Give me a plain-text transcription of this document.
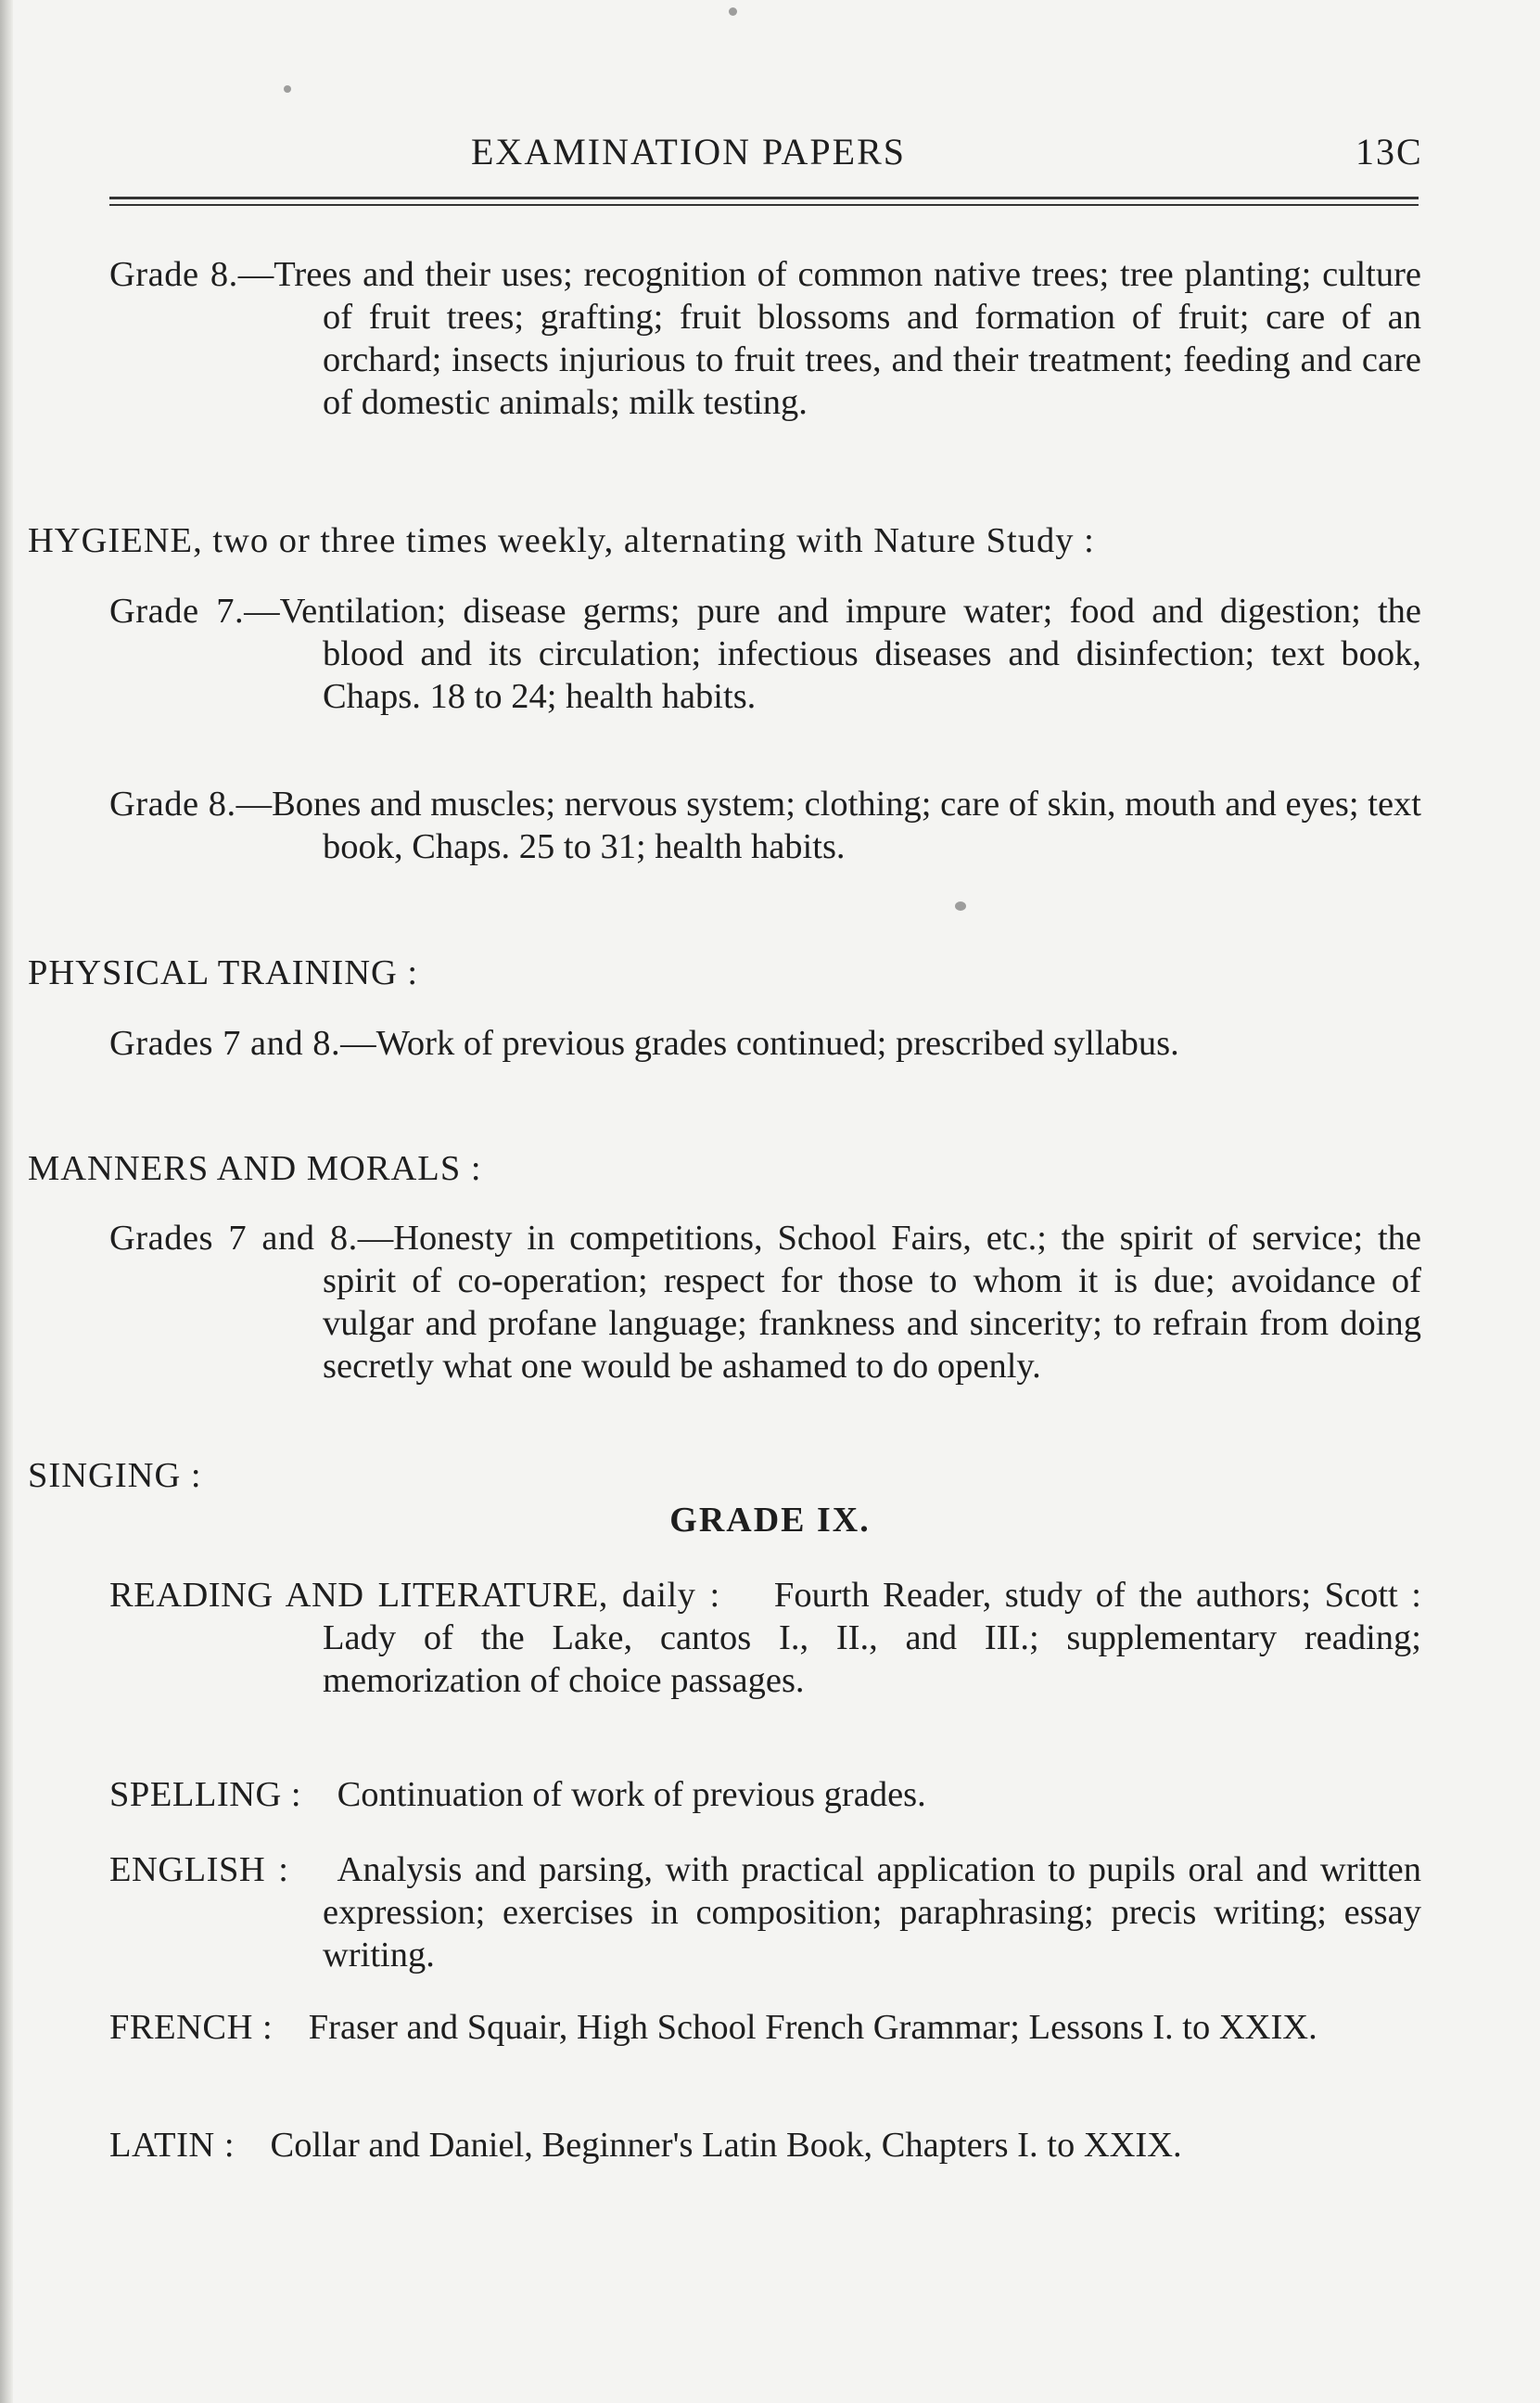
EXAMINATION PAPERS	13C
Grade 8.—Trees and their uses; recognition of common native trees; tree planting; culture of fruit trees; grafting; fruit blossoms and formation of fruit; care of an orchard; insects injurious to fruit trees, and their treatment; feeding and care of domestic animals; milk testing.
HYGIENE, two or three times weekly, alternating with Nature Study :
Grade 7.—Ventilation; disease germs; pure and impure water; food and digestion; the blood and its circulation; infectious diseases and disinfection; text book, Chaps. 18 to 24; health habits.
Grade 8.—Bones and muscles; nervous system; clothing; care of skin, mouth and eyes; text book, Chaps. 25 to 31; health habits.
PHYSICAL TRAINING :
Grades 7 and 8.—Work of previous grades continued; prescribed syllabus.
MANNERS AND MORALS :
Grades 7 and 8.—Honesty in competitions, School Fairs, etc.; the spirit of service; the spirit of co-operation; respect for those to whom it is due; avoidance of vulgar and profane language; frankness and sincerity; to refrain from doing secretly what one would be ashamed to do openly.
SINGING :
GRADE IX.
READING AND LITERATURE, daily : Fourth Reader, study of the authors; Scott : Lady of the Lake, cantos I., II., and III.; supplementary reading; memorization of choice passages.
SPELLING : Continuation of work of previous grades.
ENGLISH : Analysis and parsing, with practical application to pupils oral and written expression; exercises in composition; paraphrasing; precis writing; essay writing.
FRENCH : Fraser and Squair, High School French Grammar; Lessons I. to XXIX.
LATIN : Collar and Daniel, Beginner's Latin Book, Chapters I. to XXIX.
